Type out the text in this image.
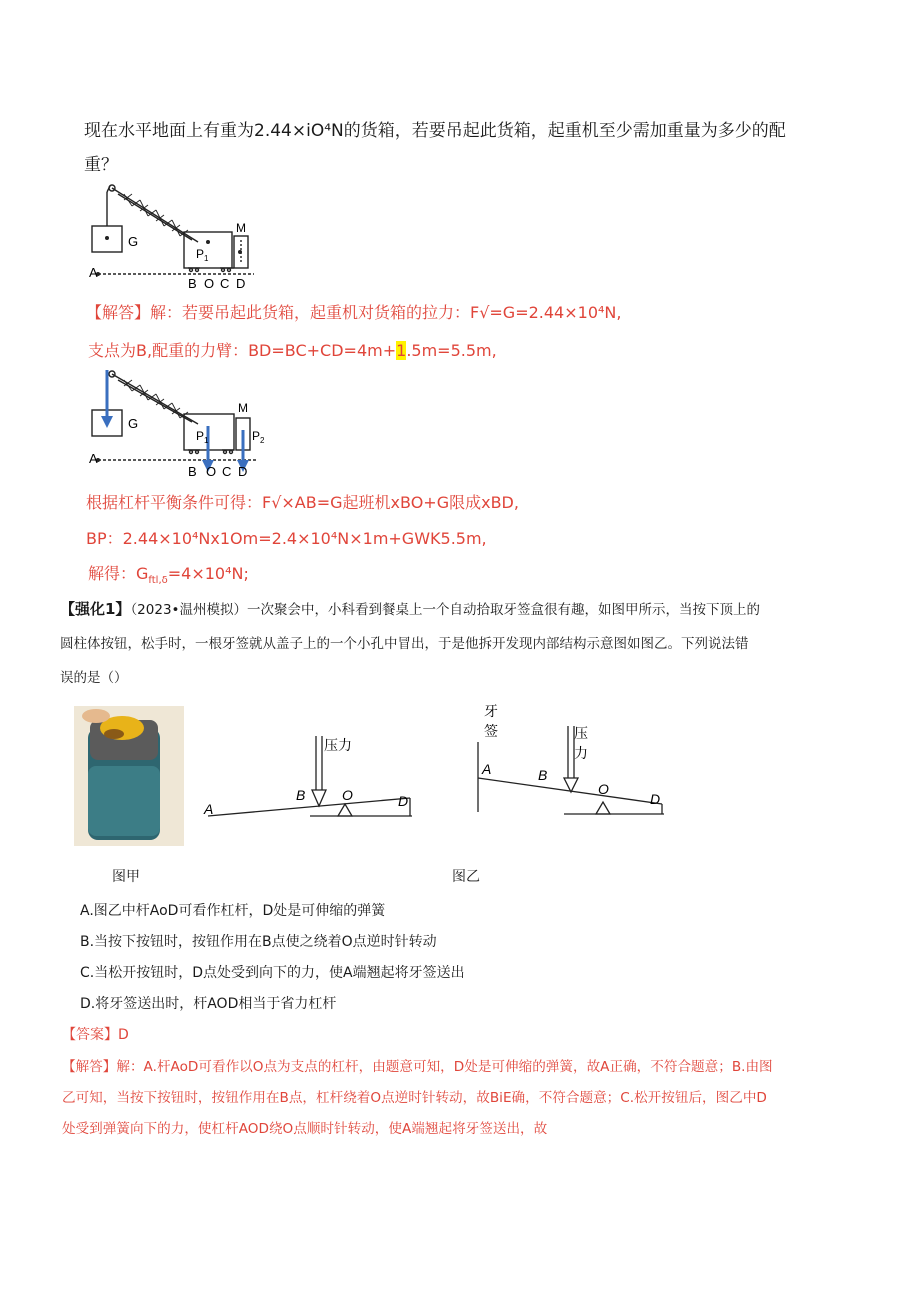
现在水平地面上有重为2.44×iO⁴N的货箱，若要吊起此货箱，起重机至少需加重量为多少的配
重？
G
A
P 1
M
B O C D
【解答】解：若要吊起此货箱，起重机对货箱的拉力：F√=G=2.44×10⁴N,
支点为B,配重的力臂：BD=BC+CD=4m+1.5m=5.5m,
G
A
P 1	P 2
M
B O C D
根据杠杆平衡条件可得：F√×AB=G起班机xBO+G限成xBD,
BP：2.44×10⁴Nx1Om=2.4×10⁴N×1m+GWK5.5m,
解得：$G_{ftl,\delta}=4\times 10^4N$;
【强化1】（2023•温州模拟）一次聚会中，小科看到餐桌上一个自动拾取牙签盒很有趣，如图甲所示，当按下顶上的
圆柱体按钮，松手时，一根牙签就从盖子上的一个小孔中冒出，于是他拆开发现内部结构示意图如图乙。下列说法错
误的是（）
A
B	O	D
压力
牙
签
A	B
O
D
压
力
图甲	图乙
A.图乙中杆AoD可看作杠杆，D处是可伸缩的弹簧
B.当按下按钮时，按钮作用在B点使之绕着O点逆时针转动
C.当松开按钮时，D点处受到向下的力，使A端翘起将牙签送出
D.将牙签送出时，杆AOD相当于省力杠杆
【答案】D
【解答】解：A.杆AoD可看作以O点为支点的杠杆，由题意可知，D处是可伸缩的弹簧，故A正确，不符合题意；B.由图
乙可知，当按下按钮时，按钮作用在B点，杠杆绕着O点逆时针转动，故BiE确，不符合题意；C.松开按钮后，图乙中D
处受到弹簧向下的力，使杠杆AOD绕O点顺时针转动，使A端翘起将牙签送出，故
